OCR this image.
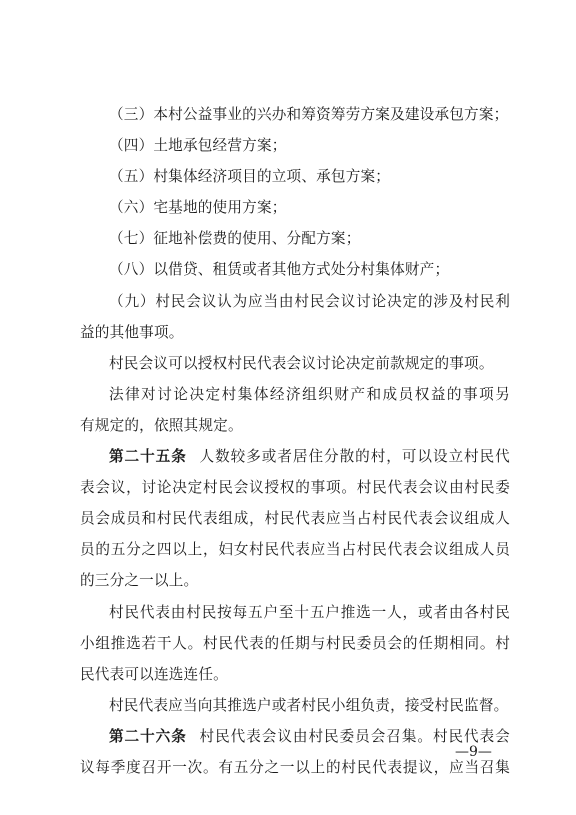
（三）本村公益事业的兴办和筹资筹劳方案及建设承包方案；
（四）土地承包经营方案；
（五）村集体经济项目的立项、承包方案；
（六）宅基地的使用方案；
（七）征地补偿费的使用、分配方案；
（八）以借贷、租赁或者其他方式处分村集体财产；
（九）村民会议认为应当由村民会议讨论决定的涉及村民利
益的其他事项。
村民会议可以授权村民代表会议讨论决定前款规定的事项。
法律对讨论决定村集体经济组织财产和成员权益的事项另
有规定的，依照其规定。
第二十五条 人数较多或者居住分散的村，可以设立村民代
表会议，讨论决定村民会议授权的事项。村民代表会议由村民委
员会成员和村民代表组成，村民代表应当占村民代表会议组成人
员的五分之四以上，妇女村民代表应当占村民代表会议组成人员
的三分之一以上。
村民代表由村民按每五户至十五户推选一人，或者由各村民
小组推选若干人。村民代表的任期与村民委员会的任期相同。村
民代表可以连选连任。
村民代表应当向其推选户或者村民小组负责，接受村民监督。
第二十六条 村民代表会议由村民委员会召集。村民代表会
议每季度召开一次。有五分之一以上的村民代表提议，应当召集
—9—
